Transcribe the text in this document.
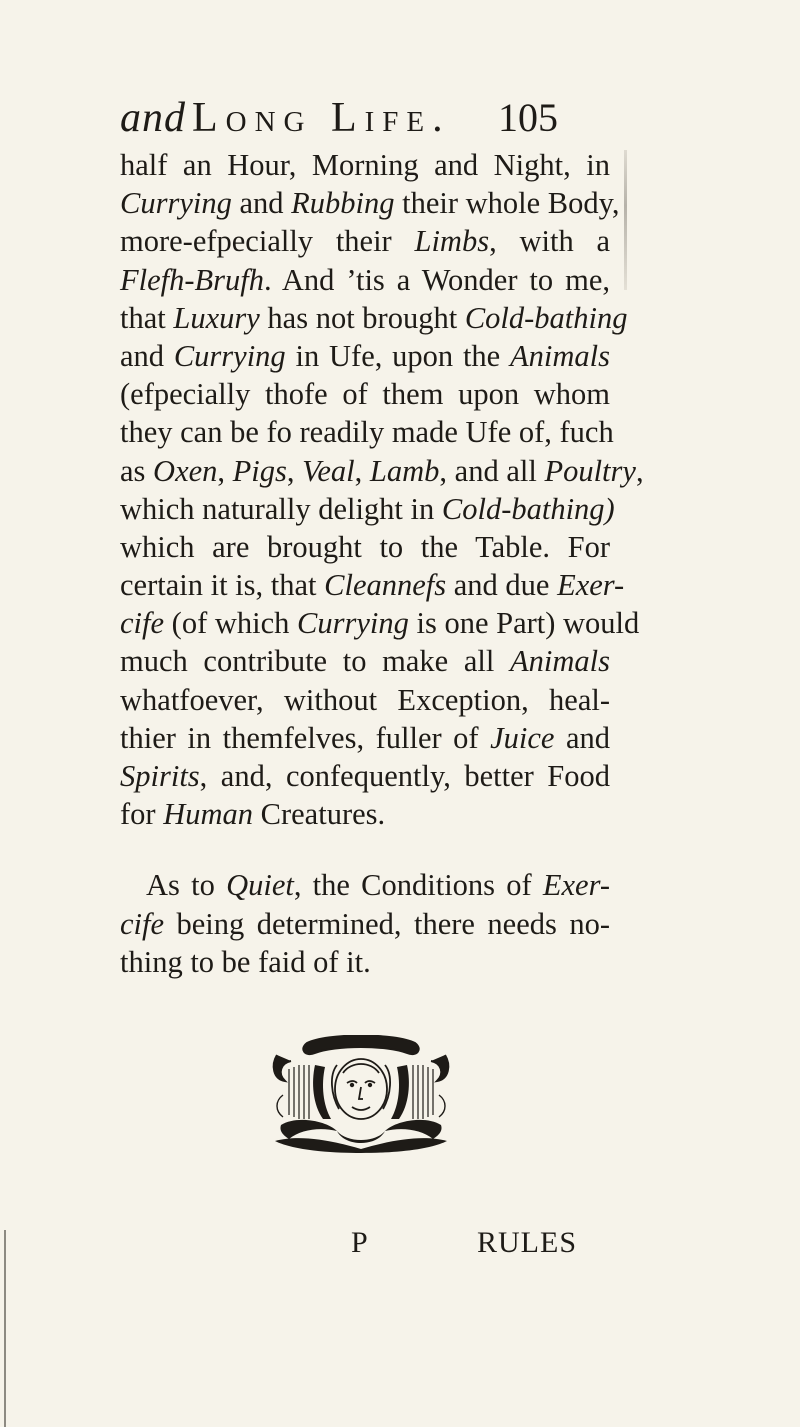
and Long Life. 105
half an Hour, Morning and Night, in
Currying and Rubbing their whole Body,
more-efpecially their Limbs, with a
Flefh-Brufh. And ’tis a Wonder to me,
that Luxury has not brought Cold-bathing
and Currying in Ufe, upon the Animals
(efpecially thofe of them upon whom
they can be fo readily made Ufe of, fuch
as Oxen, Pigs, Veal, Lamb, and all Poultry,
which naturally delight in Cold-bathing)
which are brought to the Table. For
certain it is, that Cleannefs and due Exer-
cife (of which Currying is one Part) would
much contribute to make all Animals
whatfoever, without Exception, heal-
thier in themfelves, fuller of Juice and
Spirits, and, confequently, better Food
for Human Creatures.
As to Quiet, the Conditions of Exer-
cife being determined, there needs no-
thing to be faid of it.
P	RULES
